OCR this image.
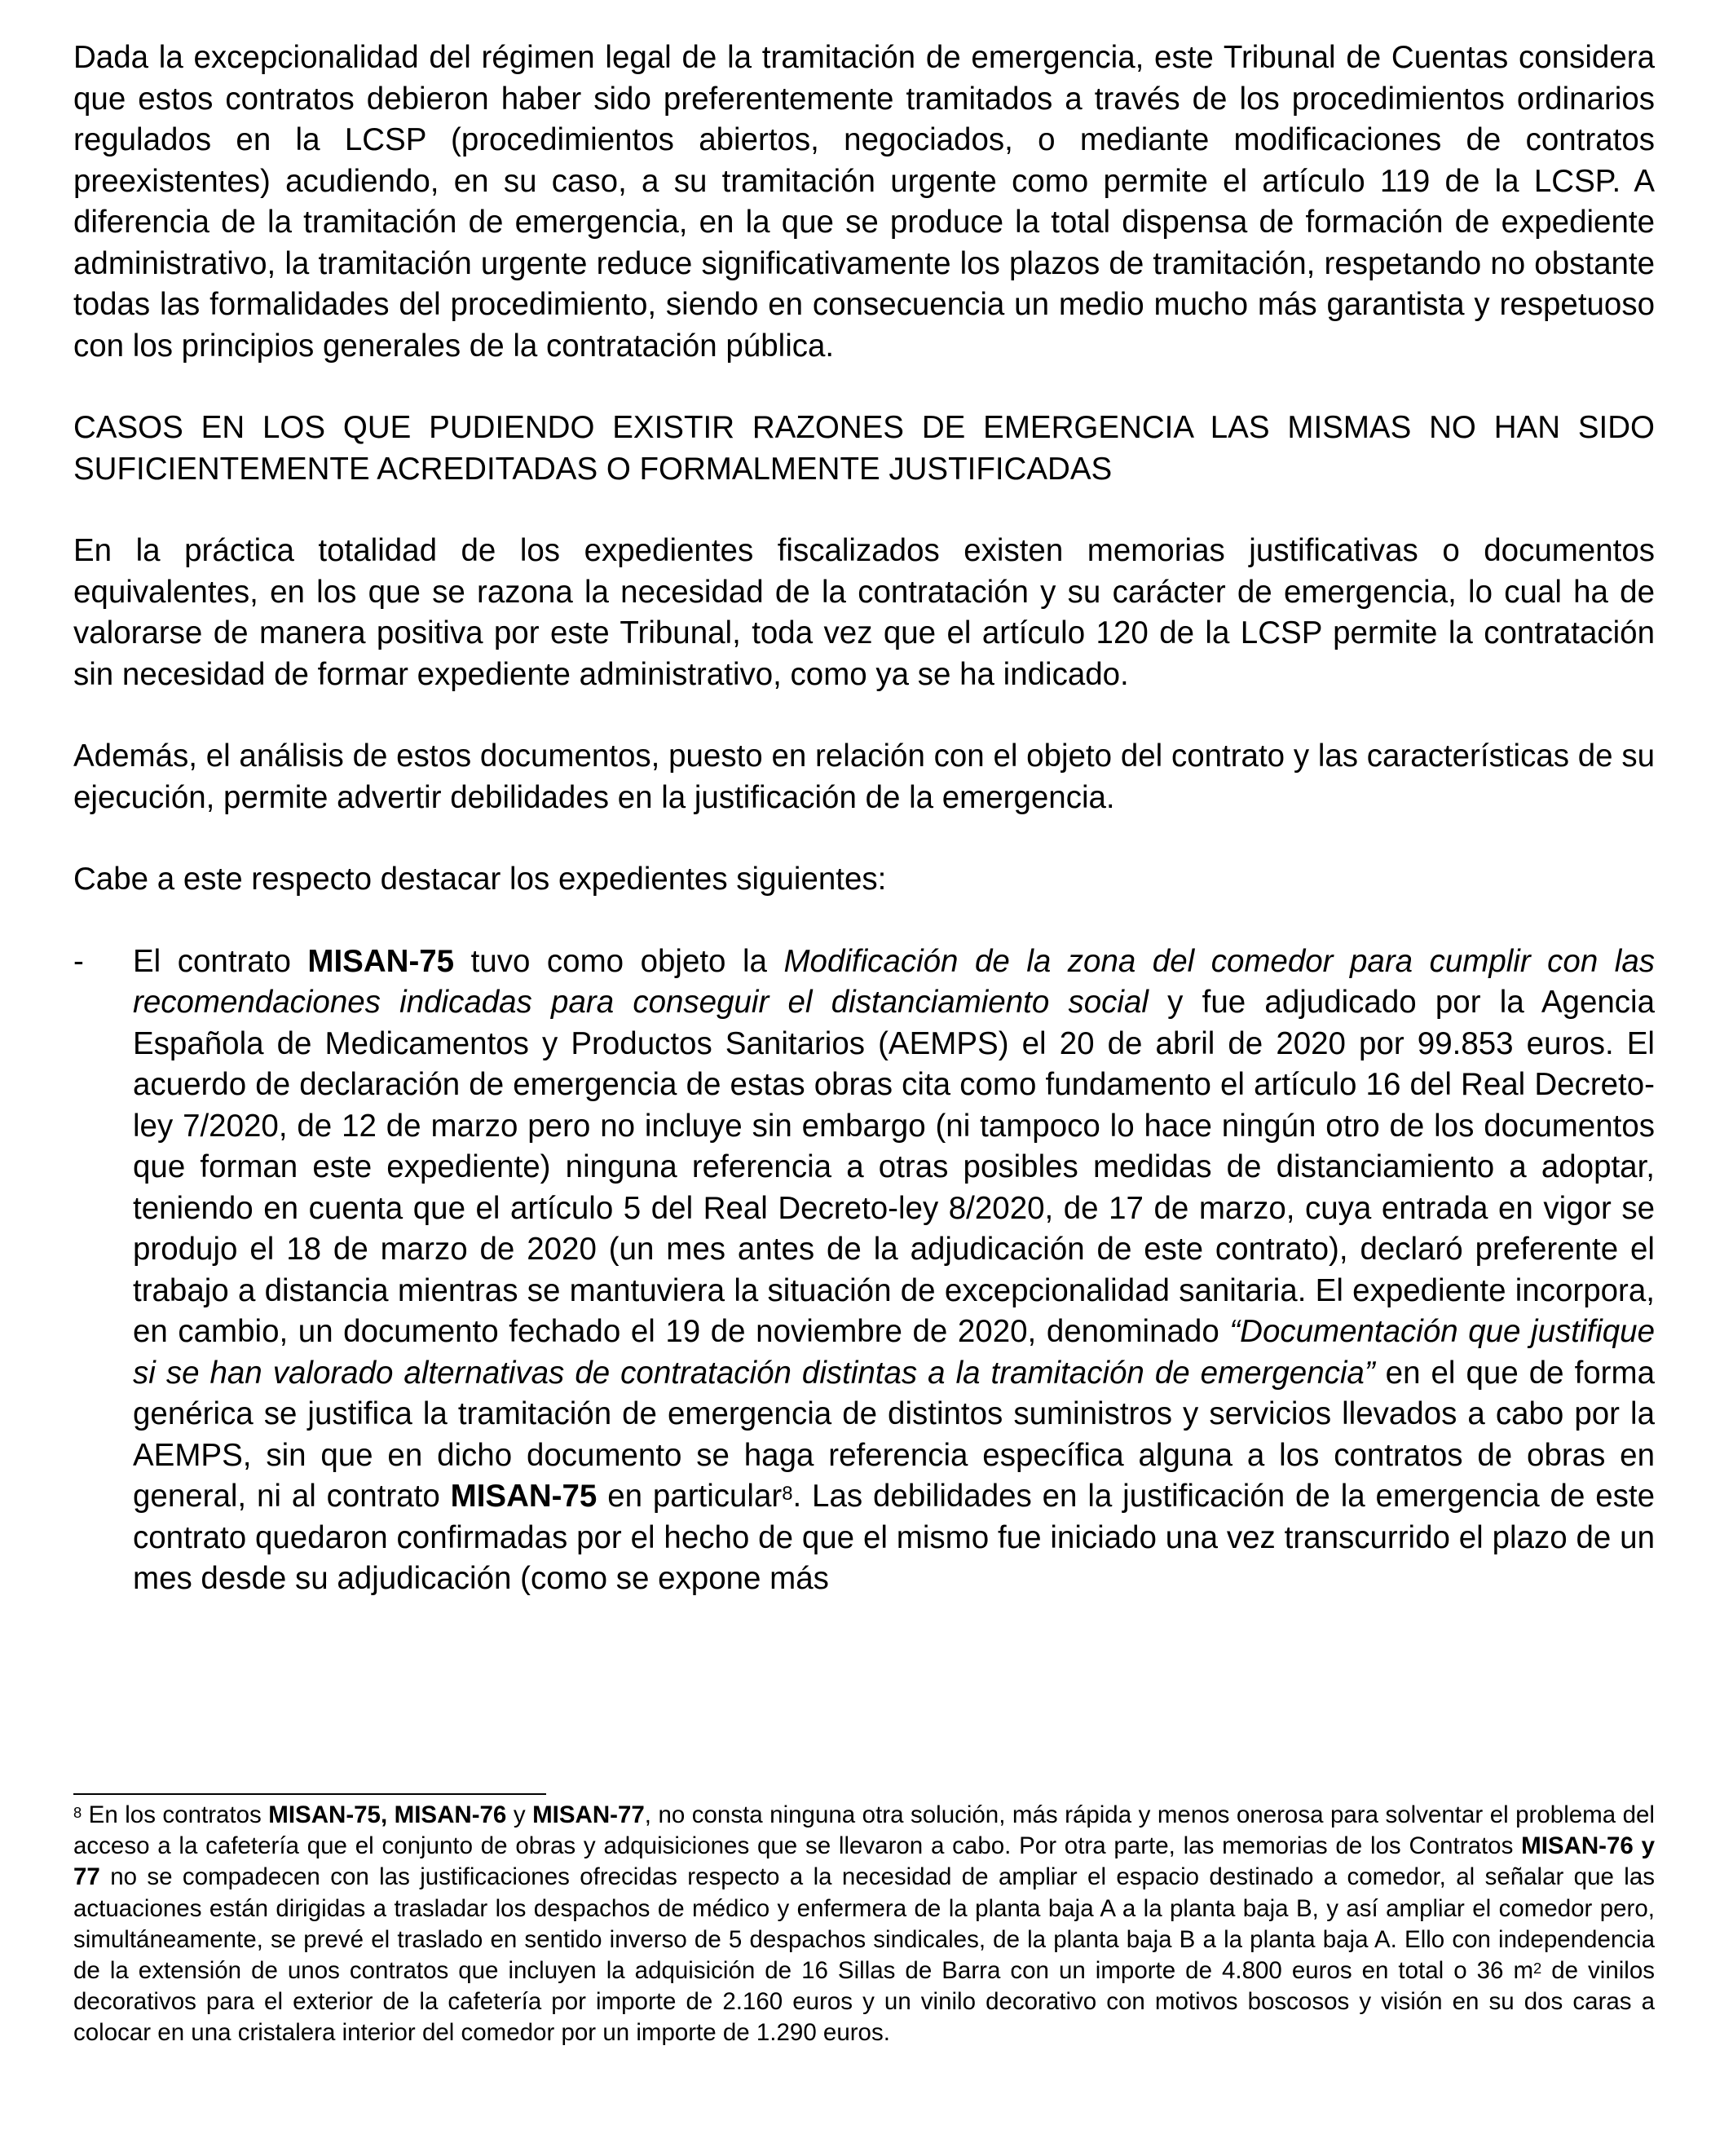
Dada la excepcionalidad del régimen legal de la tramitación de emergencia, este Tribunal de Cuentas considera que estos contratos debieron haber sido preferentemente tramitados a través de los procedimientos ordinarios regulados en la LCSP (procedimientos abiertos, negociados, o mediante modificaciones de contratos preexistentes) acudiendo, en su caso, a su tramitación urgente como permite el artículo 119 de la LCSP. A diferencia de la tramitación de emergencia, en la que se produce la total dispensa de formación de expediente administrativo, la tramitación urgente reduce significativamente los plazos de tramitación, respetando no obstante todas las formalidades del procedimiento, siendo en consecuencia un medio mucho más garantista y respetuoso con los principios generales de la contratación pública.

CASOS EN LOS QUE PUDIENDO EXISTIR RAZONES DE EMERGENCIA LAS MISMAS NO HAN SIDO SUFICIENTEMENTE ACREDITADAS O FORMALMENTE JUSTIFICADAS

En la práctica totalidad de los expedientes fiscalizados existen memorias justificativas o documentos equivalentes, en los que se razona la necesidad de la contratación y su carácter de emergencia, lo cual ha de valorarse de manera positiva por este Tribunal, toda vez que el artículo 120 de la LCSP permite la contratación sin necesidad de formar expediente administrativo, como ya se ha indicado.

Además, el análisis de estos documentos, puesto en relación con el objeto del contrato y las características de su ejecución, permite advertir debilidades en la justificación de la emergencia.

Cabe a este respecto destacar los expedientes siguientes:

- El contrato MISAN-75 tuvo como objeto la Modificación de la zona del comedor para cumplir con las recomendaciones indicadas para conseguir el distanciamiento social y fue adjudicado por la Agencia Española de Medicamentos y Productos Sanitarios (AEMPS) el 20 de abril de 2020 por 99.853 euros. El acuerdo de declaración de emergencia de estas obras cita como fundamento el artículo 16 del Real Decreto-ley 7/2020, de 12 de marzo pero no incluye sin embargo (ni tampoco lo hace ningún otro de los documentos que forman este expediente) ninguna referencia a otras posibles medidas de distanciamiento a adoptar, teniendo en cuenta que el artículo 5 del Real Decreto-ley 8/2020, de 17 de marzo, cuya entrada en vigor se produjo el 18 de marzo de 2020 (un mes antes de la adjudicación de este contrato), declaró preferente el trabajo a distancia mientras se mantuviera la situación de excepcionalidad sanitaria. El expediente incorpora, en cambio, un documento fechado el 19 de noviembre de 2020, denominado “Documentación que justifique si se han valorado alternativas de contratación distintas a la tramitación de emergencia” en el que de forma genérica se justifica la tramitación de emergencia de distintos suministros y servicios llevados a cabo por la AEMPS, sin que en dicho documento se haga referencia específica alguna a los contratos de obras en general, ni al contrato MISAN-75 en particular$^8$. Las debilidades en la justificación de la emergencia de este contrato quedaron confirmadas por el hecho de que el mismo fue iniciado una vez transcurrido el plazo de un mes desde su adjudicación (como se expone más
$^8$ En los contratos MISAN-75, MISAN-76 y MISAN-77, no consta ninguna otra solución, más rápida y menos onerosa para solventar el problema del acceso a la cafetería que el conjunto de obras y adquisiciones que se llevaron a cabo. Por otra parte, las memorias de los Contratos MISAN-76 y 77 no se compadecen con las justificaciones ofrecidas respecto a la necesidad de ampliar el espacio destinado a comedor, al señalar que las actuaciones están dirigidas a trasladar los despachos de médico y enfermera de la planta baja A a la planta baja B, y así ampliar el comedor pero, simultáneamente, se prevé el traslado en sentido inverso de 5 despachos sindicales, de la planta baja B a la planta baja A. Ello con independencia de la extensión de unos contratos que incluyen la adquisición de 16 Sillas de Barra con un importe de 4.800 euros en total o 36 $m^2$ de vinilos decorativos para el exterior de la cafetería por importe de 2.160 euros y un vinilo decorativo con motivos boscosos y visión en su dos caras a colocar en una cristalera interior del comedor por un importe de 1.290 euros.
